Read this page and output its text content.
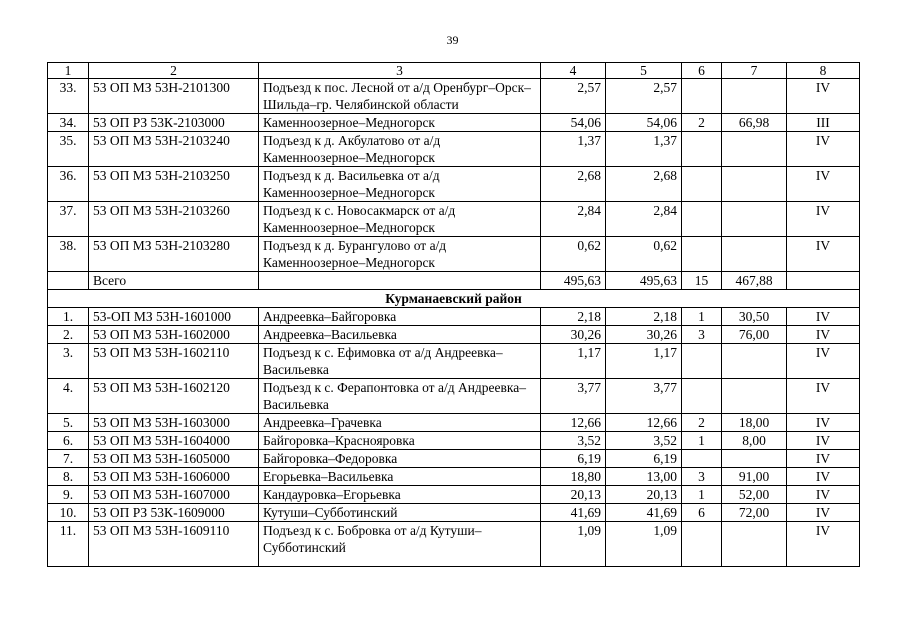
39
1	2	3	4	5	6	7	8
33.	53 ОП МЗ 53Н-2101300	Подъезд к пос. Лесной от а/д Оренбург–Орск–Шильда–гр. Челябинской области	2,57	2,57			IV
34.	53 ОП РЗ 53К-2103000	Каменноозерное–Медногорск	54,06	54,06	2	66,98	III
35.	53 ОП МЗ 53Н-2103240	Подъезд к д. Акбулатово от а/д Каменноозерное–Медногорск	1,37	1,37			IV
36.	53 ОП МЗ 53Н-2103250	Подъезд к д. Васильевка от а/д Каменноозерное–Медногорск	2,68	2,68			IV
37.	53 ОП МЗ 53Н-2103260	Подъезд к с. Новосакмарск от а/д Каменноозерное–Медногорск	2,84	2,84			IV
38.	53 ОП МЗ 53Н-2103280	Подъезд к д. Бурангулово от а/д Каменноозерное–Медногорск	0,62	0,62			IV
	Всего		495,63	495,63	15	467,88	
Курманаевский район							
1.	53-ОП МЗ 53Н-1601000	Андреевка–Байгоровка	2,18	2,18	1	30,50	IV
2.	53 ОП МЗ 53Н-1602000	Андреевка–Васильевка	30,26	30,26	3	76,00	IV
3.	53 ОП МЗ 53Н-1602110	Подъезд к с. Ефимовка от а/д Андреевка–Васильевка	1,17	1,17			IV
4.	53 ОП МЗ 53Н-1602120	Подъезд к с. Ферапонтовка от а/д Андреевка–Васильевка	3,77	3,77			IV
5.	53 ОП МЗ 53Н-1603000	Андреевка–Грачевка	12,66	12,66	2	18,00	IV
6.	53 ОП МЗ 53Н-1604000	Байгоровка–Краснояровка	3,52	3,52	1	8,00	IV
7.	53 ОП МЗ 53Н-1605000	Байгоровка–Федоровка	6,19	6,19			IV
8.	53 ОП МЗ 53Н-1606000	Егорьевка–Васильевка	18,80	13,00	3	91,00	IV
9.	53 ОП МЗ 53Н-1607000	Кандауровка–Егорьевка	20,13	20,13	1	52,00	IV
10.	53 ОП РЗ 53К-1609000	Кутуши–Субботинский	41,69	41,69	6	72,00	IV
11.	53 ОП МЗ 53Н-1609110	Подъезд к с. Бобровка от а/д Кутуши–Субботинский	1,09	1,09			IV
